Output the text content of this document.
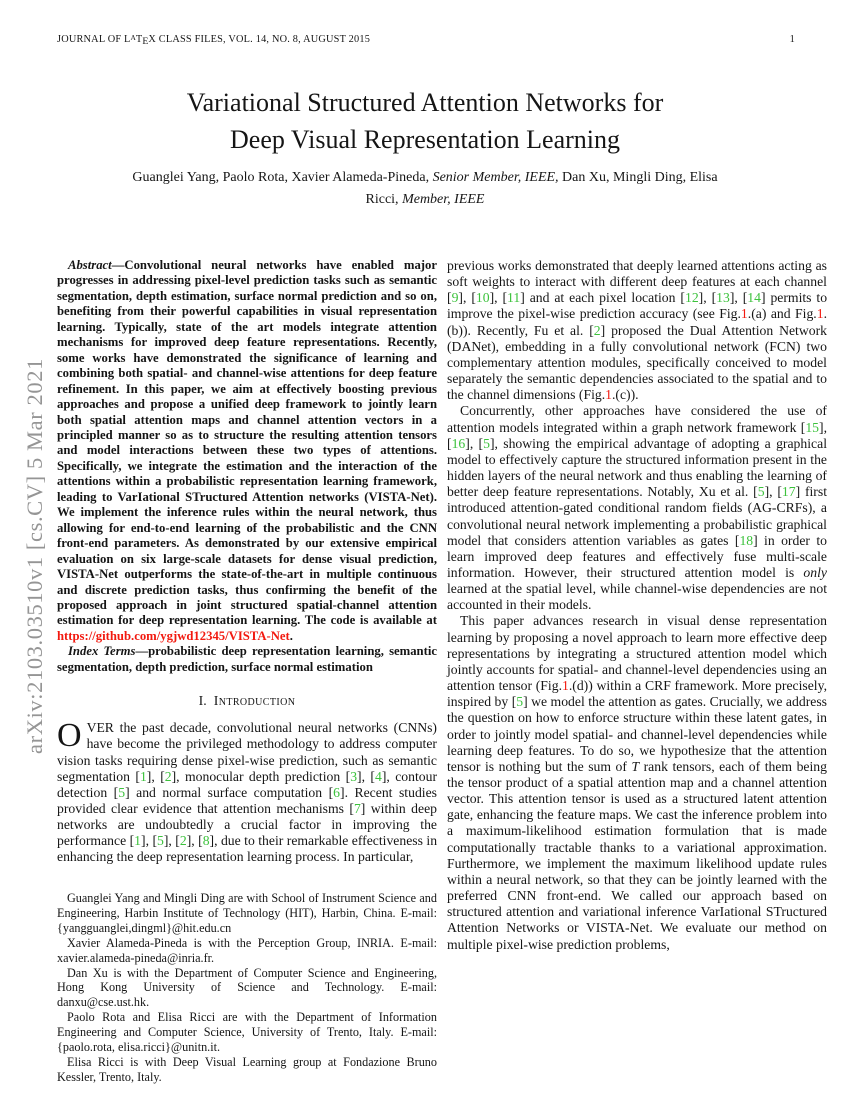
JOURNAL OF $L^ATEX$ CLASS FILES, VOL. 14, NO. 8, AUGUST 2015	1
arXiv:2103.03510v1 [cs.CV] 5 Mar 2021
Variational Structured Attention Networks for
Deep Visual Representation Learning
Guanglei Yang, Paolo Rota, Xavier Alameda-Pineda, Senior Member, IEEE, Dan Xu, Mingli Ding, Elisa Ricci, Member, IEEE

Abstract—Convolutional neural networks have enabled major progresses in addressing pixel-level prediction tasks such as semantic segmentation, depth estimation, surface normal prediction and so on, benefiting from their powerful capabilities in visual representation learning. Typically, state of the art models integrate attention mechanisms for improved deep feature representations. Recently, some works have demonstrated the significance of learning and combining both spatial- and channel-wise attentions for deep feature refinement. In this paper, we aim at effectively boosting previous approaches and propose a unified deep framework to jointly learn both spatial attention maps and channel attention vectors in a principled manner so as to structure the resulting attention tensors and model interactions between these two types of attentions. Specifically, we integrate the estimation and the interaction of the attentions within a probabilistic representation learning framework, leading to VarIational STructured Attention networks (VISTA-Net). We implement the inference rules within the neural network, thus allowing for end-to-end learning of the probabilistic and the CNN front-end parameters. As demonstrated by our extensive empirical evaluation on six large-scale datasets for dense visual prediction, VISTA-Net outperforms the state-of-the-art in multiple continuous and discrete prediction tasks, thus confirming the benefit of the proposed approach in joint structured spatial-channel attention estimation for deep representation learning. The code is available at https://github.com/ygjwd12345/VISTA-Net.

Index Terms—probabilistic deep representation learning, semantic segmentation, depth prediction, surface normal estimation

I. Introduction

OVER the past decade, convolutional neural networks (CNNs) have become the privileged methodology to address computer vision tasks requiring dense pixel-wise prediction, such as semantic segmentation [1], [2], monocular depth prediction [3], [4], contour detection [5] and normal surface computation [6]. Recent studies provided clear evidence that attention mechanisms [7] within deep networks are undoubtedly a crucial factor in improving the performance [1], [5], [2], [8], due to their remarkable effectiveness in enhancing the deep representation learning process. In particular,

previous works demonstrated that deeply learned attentions acting as soft weights to interact with different deep features at each channel [9], [10], [11] and at each pixel location [12], [13], [14] permits to improve the pixel-wise prediction accuracy (see Fig.1.(a) and Fig.1.(b)). Recently, Fu et al. [2] proposed the Dual Attention Network (DANet), embedding in a fully convolutional network (FCN) two complementary attention modules, specifically conceived to model separately the semantic dependencies associated to the spatial and to the channel dimensions (Fig.1.(c)).

Concurrently, other approaches have considered the use of attention models integrated within a graph network framework [15], [16], [5], showing the empirical advantage of adopting a graphical model to effectively capture the structured information present in the hidden layers of the neural network and thus enabling the learning of better deep feature representations. Notably, Xu et al. [5], [17] first introduced attention-gated conditional random fields (AG-CRFs), a convolutional neural network implementing a probabilistic graphical model that considers attention variables as gates [18] in order to learn improved deep features and effectively fuse multi-scale information. However, their structured attention model is only learned at the spatial level, while channel-wise dependencies are not accounted in their models.

This paper advances research in visual dense representation learning by proposing a novel approach to learn more effective deep representations by integrating a structured attention model which jointly accounts for spatial- and channel-level dependencies using an attention tensor (Fig.1.(d)) within a CRF framework. More precisely, inspired by [5] we model the attention as gates. Crucially, we address the question on how to enforce structure within these latent gates, in order to jointly model spatial- and channel-level dependencies while learning deep features. To do so, we hypothesize that the attention tensor is nothing but the sum of T rank tensors, each of them being the tensor product of a spatial attention map and a channel attention vector. This attention tensor is used as a structured latent attention gate, enhancing the feature maps. We cast the inference problem into a maximum-likelihood estimation formulation that is made computationally tractable thanks to a variational approximation. Furthermore, we implement the maximum likelihood update rules within a neural network, so that they can be jointly learned with the preferred CNN front-end. We called our approach based on structured attention and variational inference VarIational STructured Attention Networks or VISTA-Net. We evaluate our method on multiple pixel-wise prediction problems,

Guanglei Yang and Mingli Ding are with School of Instrument Science and Engineering, Harbin Institute of Technology (HIT), Harbin, China. E-mail:{yangguanglei,dingml}@hit.edu.cn

Xavier Alameda-Pineda is with the Perception Group, INRIA. E-mail: xavier.alameda-pineda@inria.fr.

Dan Xu is with the Department of Computer Science and Engineering, Hong Kong University of Science and Technology. E-mail: danxu@cse.ust.hk.

Paolo Rota and Elisa Ricci are with the Department of Information Engineering and Computer Science, University of Trento, Italy. E-mail: {paolo.rota, elisa.ricci}@unitn.it.

Elisa Ricci is with Deep Visual Learning group at Fondazione Bruno Kessler, Trento, Italy.
